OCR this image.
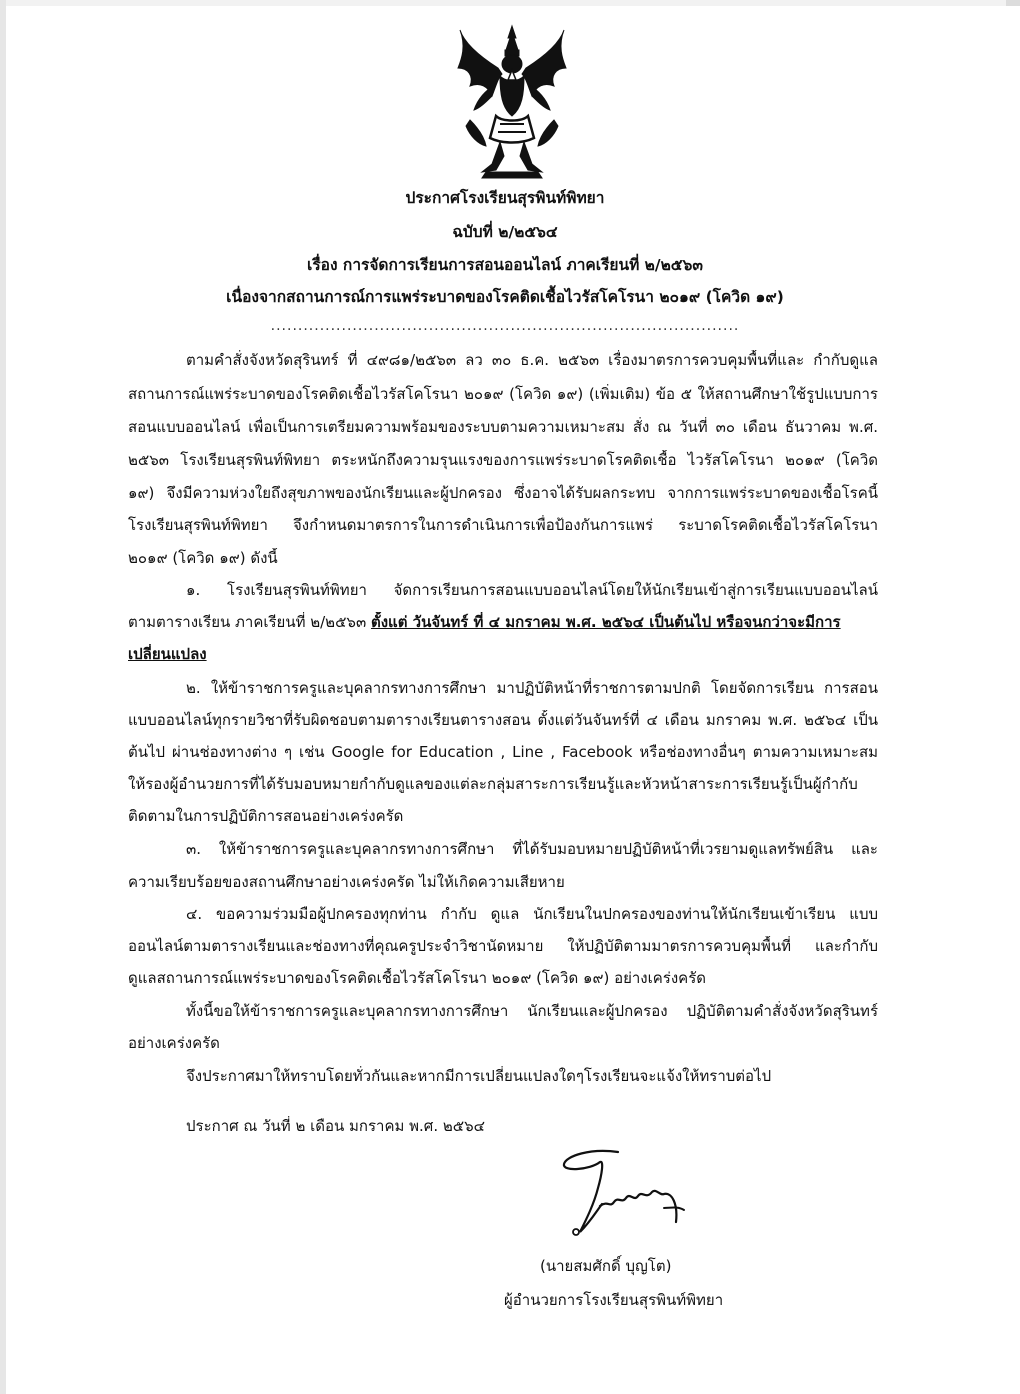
ประกาศโรงเรียนสุรพินท์พิทยา
ฉบับที่ ๒/๒๕๖๔
เรื่อง การจัดการเรียนการสอนออนไลน์ ภาคเรียนที่ ๒/๒๕๖๓
เนื่องจากสถานการณ์การแพร่ระบาดของโรคติดเชื้อไวรัสโคโรนา ๒๐๑๙ (โควิด ๑๙)
......................................................................................
ตามคำสั่งจังหวัดสุรินทร์ ที่ ๔๙๘๑/๒๕๖๓ ลว ๓๐ ธ.ค. ๒๕๖๓ เรื่องมาตรการควบคุมพื้นที่และ กำกับดูแล
สถานการณ์แพร่ระบาดของโรคติดเชื้อไวรัสโคโรนา ๒๐๑๙ (โควิด ๑๙) (เพิ่มเติม) ข้อ ๕ ให้สถานศึกษาใช้รูปแบบการ
สอนแบบออนไลน์ เพื่อเป็นการเตรียมความพร้อมของระบบตามความเหมาะสม สั่ง ณ วันที่ ๓๐ เดือน ธันวาคม พ.ศ.
๒๕๖๓ โรงเรียนสุรพินท์พิทยา ตระหนักถึงความรุนแรงของการแพร่ระบาดโรคติดเชื้อ ไวรัสโคโรนา ๒๐๑๙ (โควิด
๑๙) จึงมีความห่วงใยถึงสุขภาพของนักเรียนและผู้ปกครอง ซึ่งอาจได้รับผลกระทบ จากการแพร่ระบาดของเชื้อโรคนี้
โรงเรียนสุรพินท์พิทยา จึงกำหนดมาตรการในการดำเนินการเพื่อป้องกันการแพร่ ระบาดโรคติดเชื้อไวรัสโคโรนา
๒๐๑๙ (โควิด ๑๙) ดังนี้
๑. โรงเรียนสุรพินท์พิทยา จัดการเรียนการสอนแบบออนไลน์โดยให้นักเรียนเข้าสู่การเรียนแบบออนไลน์
ตามตารางเรียน ภาคเรียนที่ ๒/๒๕๖๓ ตั้งแต่ วันจันทร์ ที่ ๔ มกราคม พ.ศ. ๒๕๖๔ เป็นต้นไป หรือจนกว่าจะมีการ
เปลี่ยนแปลง
๒. ให้ข้าราชการครูและบุคลากรทางการศึกษา มาปฏิบัติหน้าที่ราชการตามปกติ โดยจัดการเรียน การสอน
แบบออนไลน์ทุกรายวิชาที่รับผิดชอบตามตารางเรียนตารางสอน ตั้งแต่วันจันทร์ที่ ๔ เดือน มกราคม พ.ศ. ๒๕๖๔ เป็น
ต้นไป ผ่านช่องทางต่าง ๆ เช่น Google for Education , Line , Facebook หรือช่องทางอื่นๆ ตามความเหมาะสม
ให้รองผู้อำนวยการที่ได้รับมอบหมายกำกับดูแลของแต่ละกลุ่มสาระการเรียนรู้และหัวหน้าสาระการเรียนรู้เป็นผู้กำกับ
ติดตามในการปฏิบัติการสอนอย่างเคร่งครัด
๓. ให้ข้าราชการครูและบุคลากรทางการศึกษา ที่ได้รับมอบหมายปฏิบัติหน้าที่เวรยามดูแลทรัพย์สิน และ
ความเรียบร้อยของสถานศึกษาอย่างเคร่งครัด ไม่ให้เกิดความเสียหาย
๔. ขอความร่วมมือผู้ปกครองทุกท่าน กำกับ ดูแล นักเรียนในปกครองของท่านให้นักเรียนเข้าเรียน แบบ
ออนไลน์ตามตารางเรียนและช่องทางที่คุณครูประจำวิชานัดหมาย ให้ปฏิบัติตามมาตรการควบคุมพื้นที่ และกำกับ
ดูแลสถานการณ์แพร่ระบาดของโรคติดเชื้อไวรัสโคโรนา ๒๐๑๙ (โควิด ๑๙) อย่างเคร่งครัด
ทั้งนี้ขอให้ข้าราชการครูและบุคลากรทางการศึกษา นักเรียนและผู้ปกครอง ปฏิบัติตามคำสั่งจังหวัดสุรินทร์
อย่างเคร่งครัด
จึงประกาศมาให้ทราบโดยทั่วกันและหากมีการเปลี่ยนแปลงใดๆโรงเรียนจะแจ้งให้ทราบต่อไป
ประกาศ ณ วันที่ ๒ เดือน มกราคม พ.ศ. ๒๕๖๔
(นายสมศักดิ์ บุญโต)
ผู้อำนวยการโรงเรียนสุรพินท์พิทยา
